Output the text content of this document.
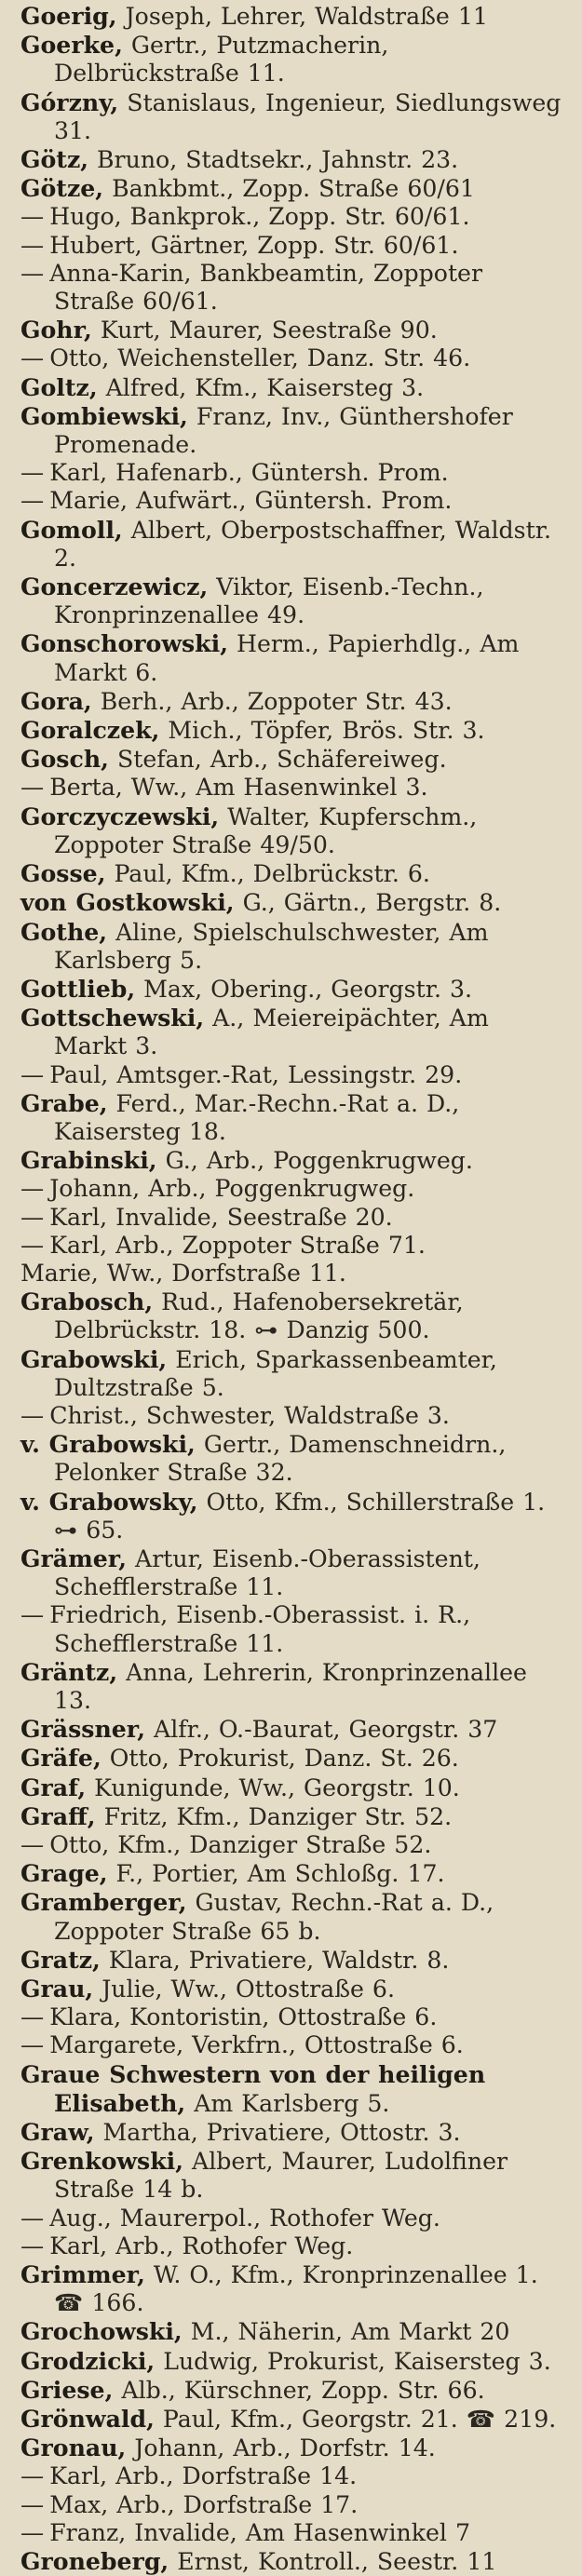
Goerig, Joseph, Lehrer, Waldstraße 11
Goerke, Gertr., Putzmacherin, Delbrückstraße 11.
Górzny, Stanislaus, Ingenieur, Siedlungsweg 31.
Götz, Bruno, Stadtsekr., Jahnstr. 23.
Götze, Bankbmt., Zopp. Straße 60/61
— Hugo, Bankprok., Zopp. Str. 60/61.
— Hubert, Gärtner, Zopp. Str. 60/61.
— Anna-Karin, Bankbeamtin, Zoppoter Straße 60/61.
Gohr, Kurt, Maurer, Seestraße 90.
— Otto, Weichensteller, Danz. Str. 46.
Goltz, Alfred, Kfm., Kaisersteg 3.
Gombiewski, Franz, Inv., Günthershofer Promenade.
— Karl, Hafenarb., Güntersh. Prom.
— Marie, Aufwärt., Güntersh. Prom.
Gomoll, Albert, Oberpostschaffner, Waldstr. 2.
Goncerzewicz, Viktor, Eisenb.-Techn., Kronprinzenallee 49.
Gonschorowski, Herm., Papierhdlg., Am Markt 6.
Gora, Berh., Arb., Zoppoter Str. 43.
Goralczek, Mich., Töpfer, Brös. Str. 3.
Gosch, Stefan, Arb., Schäfereiweg.
— Berta, Ww., Am Hasenwinkel 3.
Gorczyczewski, Walter, Kupferschm., Zoppoter Straße 49/50.
Gosse, Paul, Kfm., Delbrückstr. 6.
von Gostkowski, G., Gärtn., Bergstr. 8.
Gothe, Aline, Spielschulschwester, Am Karlsberg 5.
Gottlieb, Max, Obering., Georgstr. 3.
Gottschewski, A., Meiereipächter, Am Markt 3.
— Paul, Amtsger.-Rat, Lessingstr. 29.
Grabe, Ferd., Mar.-Rechn.-Rat a. D., Kaisersteg 18.
Grabinski, G., Arb., Poggenkrugweg.
— Johann, Arb., Poggenkrugweg.
— Karl, Invalide, Seestraße 20.
— Karl, Arb., Zoppoter Straße 71.
Marie, Ww., Dorfstraße 11.
Grabosch, Rud., Hafenobersekretär, Delbrückstr. 18. ⊶ Danzig 500.
Grabowski, Erich, Sparkassenbeamter, Dultzstraße 5.
— Christ., Schwester, Waldstraße 3.
v. Grabowski, Gertr., Damenschneidrn., Pelonker Straße 32.
v. Grabowsky, Otto, Kfm., Schillerstraße 1. ⊶ 65.
Grämer, Artur, Eisenb.-Oberassistent, Schefflerstraße 11.
— Friedrich, Eisenb.-Oberassist. i. R., Schefflerstraße 11.
Gräntz, Anna, Lehrerin, Kronprinzenallee 13.
Grässner, Alfr., O.-Baurat, Georgstr. 37
Gräfe, Otto, Prokurist, Danz. St. 26.
Graf, Kunigunde, Ww., Georgstr. 10.
Graff, Fritz, Kfm., Danziger Str. 52.
— Otto, Kfm., Danziger Straße 52.
Grage, F., Portier, Am Schloßg. 17.
Gramberger, Gustav, Rechn.-Rat a. D., Zoppoter Straße 65 b.
Gratz, Klara, Privatiere, Waldstr. 8.
Grau, Julie, Ww., Ottostraße 6.
— Klara, Kontoristin, Ottostraße 6.
— Margarete, Verkfrn., Ottostraße 6.
Graue Schwestern von der heiligen Elisabeth, Am Karlsberg 5.
Graw, Martha, Privatiere, Ottostr. 3.
Grenkowski, Albert, Maurer, Ludolfiner Straße 14 b.
— Aug., Maurerpol., Rothofer Weg.
— Karl, Arb., Rothofer Weg.
Grimmer, W. O., Kfm., Kronprinzenallee 1. ☎ 166.
Grochowski, M., Näherin, Am Markt 20
Grodzicki, Ludwig, Prokurist, Kaisersteg 3.
Griese, Alb., Kürschner, Zopp. Str. 66.
Grönwald, Paul, Kfm., Georgstr. 21. ☎ 219.
Gronau, Johann, Arb., Dorfstr. 14.
— Karl, Arb., Dorfstraße 14.
— Max, Arb., Dorfstraße 17.
— Franz, Invalide, Am Hasenwinkel 7
Groneberg, Ernst, Kontroll., Seestr. 11
